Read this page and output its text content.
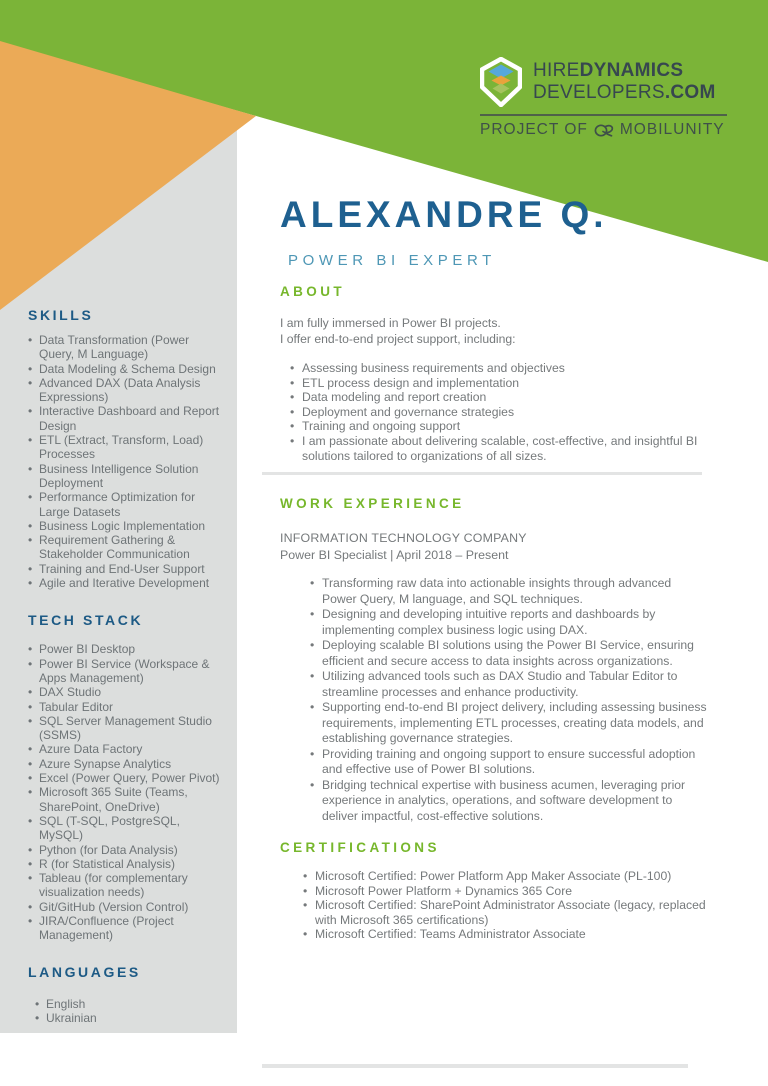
HIREDYNAMICS
DEVELOPERS.COM
PROJECT OF MOBILUNITY
SKILLS
• Data Transformation (Power Query, M Language)
• Data Modeling & Schema Design
• Advanced DAX (Data Analysis Expressions)
• Interactive Dashboard and Report Design
• ETL (Extract, Transform, Load) Processes
• Business Intelligence Solution Deployment
• Performance Optimization for Large Datasets
• Business Logic Implementation
• Requirement Gathering & Stakeholder Communication
• Training and End-User Support
• Agile and Iterative Development
TECH STACK
• Power BI Desktop
• Power BI Service (Workspace & Apps Management)
• DAX Studio
• Tabular Editor
• SQL Server Management Studio (SSMS)
• Azure Data Factory
• Azure Synapse Analytics
• Excel (Power Query, Power Pivot)
• Microsoft 365 Suite (Teams, SharePoint, OneDrive)
• SQL (T-SQL, PostgreSQL, MySQL)
• Python (for Data Analysis)
• R (for Statistical Analysis)
• Tableau (for complementary visualization needs)
• Git/GitHub (Version Control)
• JIRA/Confluence (Project Management)
LANGUAGES
• English
• Ukrainian
ALEXANDRE Q.
POWER BI EXPERT
ABOUT
I am fully immersed in Power BI projects.
I offer end-to-end project support, including:
• Assessing business requirements and objectives
• ETL process design and implementation
• Data modeling and report creation
• Deployment and governance strategies
• Training and ongoing support
• I am passionate about delivering scalable, cost-effective, and insightful BI solutions tailored to organizations of all sizes.
WORK EXPERIENCE
INFORMATION TECHNOLOGY COMPANY
Power BI Specialist | April 2018 – Present
• Transforming raw data into actionable insights through advanced Power Query, M language, and SQL techniques.
• Designing and developing intuitive reports and dashboards by implementing complex business logic using DAX.
• Deploying scalable BI solutions using the Power BI Service, ensuring efficient and secure access to data insights across organizations.
• Utilizing advanced tools such as DAX Studio and Tabular Editor to streamline processes and enhance productivity.
• Supporting end-to-end BI project delivery, including assessing business requirements, implementing ETL processes, creating data models, and establishing governance strategies.
• Providing training and ongoing support to ensure successful adoption and effective use of Power BI solutions.
• Bridging technical expertise with business acumen, leveraging prior experience in analytics, operations, and software development to deliver impactful, cost-effective solutions.
CERTIFICATIONS
• Microsoft Certified: Power Platform App Maker Associate (PL-100)
• Microsoft Power Platform + Dynamics 365 Core
• Microsoft Certified: SharePoint Administrator Associate (legacy, replaced with Microsoft 365 certifications)
• Microsoft Certified: Teams Administrator Associate
